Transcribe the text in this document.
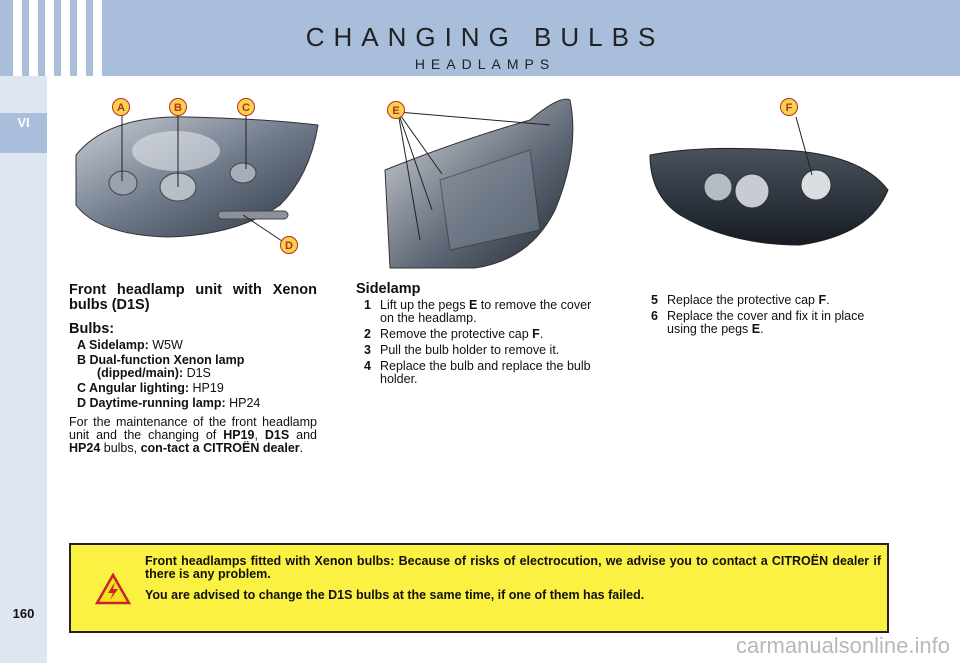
CHANGING BULBS
HEADLAMPS
VI
160
A	B	C
D
E	F
Front headlamp unit with Xenon bulbs (D1S)
Bulbs:
A Sidelamp: W5W
B Dual-function Xenon lamp
(dipped/main): D1S
C Angular lighting: HP19
D Daytime-running lamp: HP24
For the maintenance of the front headlamp unit and the changing of HP19, D1S and HP24 bulbs, con-tact a CITROËN dealer.
Sidelamp
1 Lift up the pegs E to remove the cover on the headlamp.
2 Remove the protective cap F.
3 Pull the bulb holder to remove it.
4 Replace the bulb and replace the bulb holder.
5 Replace the protective cap F.
6 Replace the cover and fix it in place using the pegs E.

Front headlamps fitted with Xenon bulbs: Because of risks of electrocution, we advise you to contact a CITROËN dealer if there is any problem.

You are advised to change the D1S bulbs at the same time, if one of them has failed.

carmanualsonline.info
